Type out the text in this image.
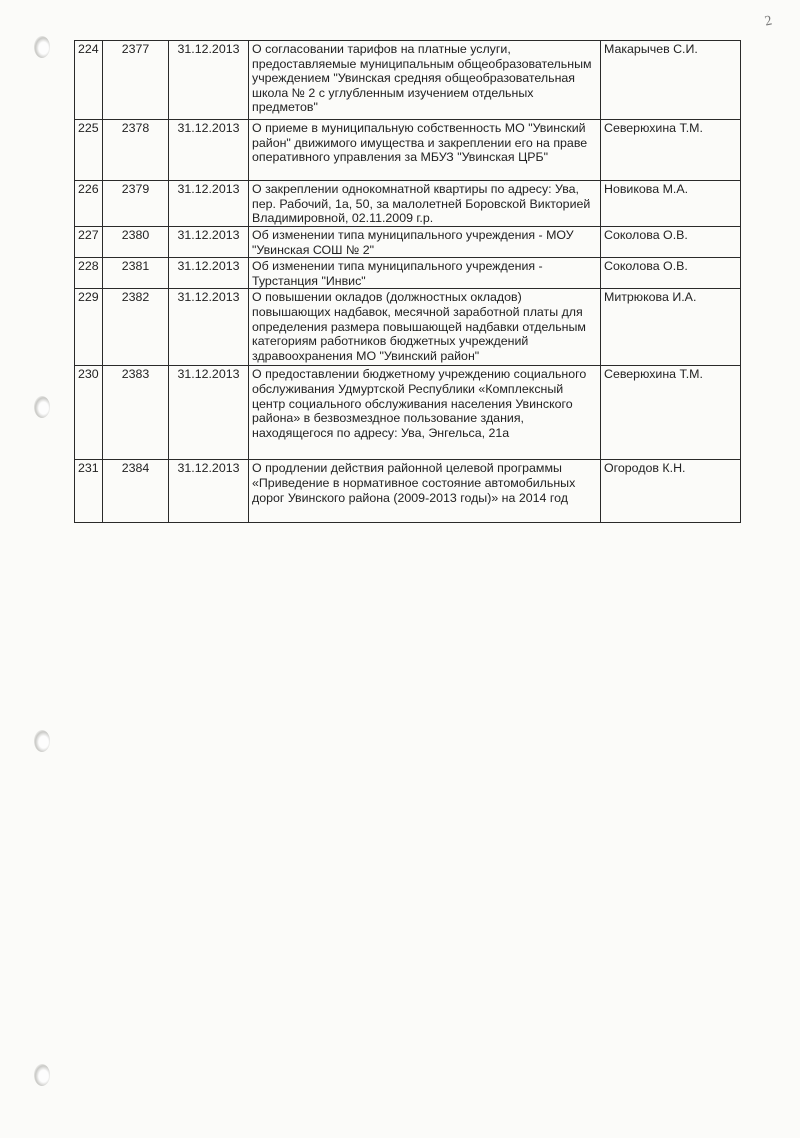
2
224	2377	31.12.2013	О согласовании тарифов на платные услуги, предоставляемые муниципальным общеобразовательным учреждением "Увинская средняя общеобразовательная школа № 2 с углубленным изучением отдельных предметов"	Макарычев С.И.
225	2378	31.12.2013	О приеме в муниципальную собственность МО "Увинский район" движимого имущества и закреплении его на праве оперативного управления за МБУЗ "Увинская ЦРБ"	Северюхина Т.М.
226	2379	31.12.2013	О закреплении однокомнатной квартиры по адресу: Ува, пер. Рабочий, 1а, 50, за малолетней Боровской Викторией Владимировной, 02.11.2009 г.р.	Новикова М.А.
227	2380	31.12.2013	Об изменении типа муниципального учреждения - МОУ "Увинская СОШ № 2"	Соколова О.В.
228	2381	31.12.2013	Об изменении типа муниципального учреждения - Турстанция "Инвис"	Соколова О.В.
229	2382	31.12.2013	О повышении окладов (должностных окладов) повышающих надбавок, месячной заработной платы для определения размера повышающей надбавки отдельным категориям работников бюджетных учреждений здравоохранения МО "Увинский район"	Митрюкова И.А.
230	2383	31.12.2013	О предоставлении бюджетному учреждению социального обслуживания Удмуртской Республики «Комплексный центр социального обслуживания населения Увинского района» в безвозмездное пользование здания, находящегося по адресу: Ува, Энгельса, 21а	Северюхина Т.М.
231	2384	31.12.2013	О продлении действия районной целевой программы «Приведение в нормативное состояние автомобильных дорог Увинского района (2009-2013 годы)» на 2014 год	Огородов К.Н.
